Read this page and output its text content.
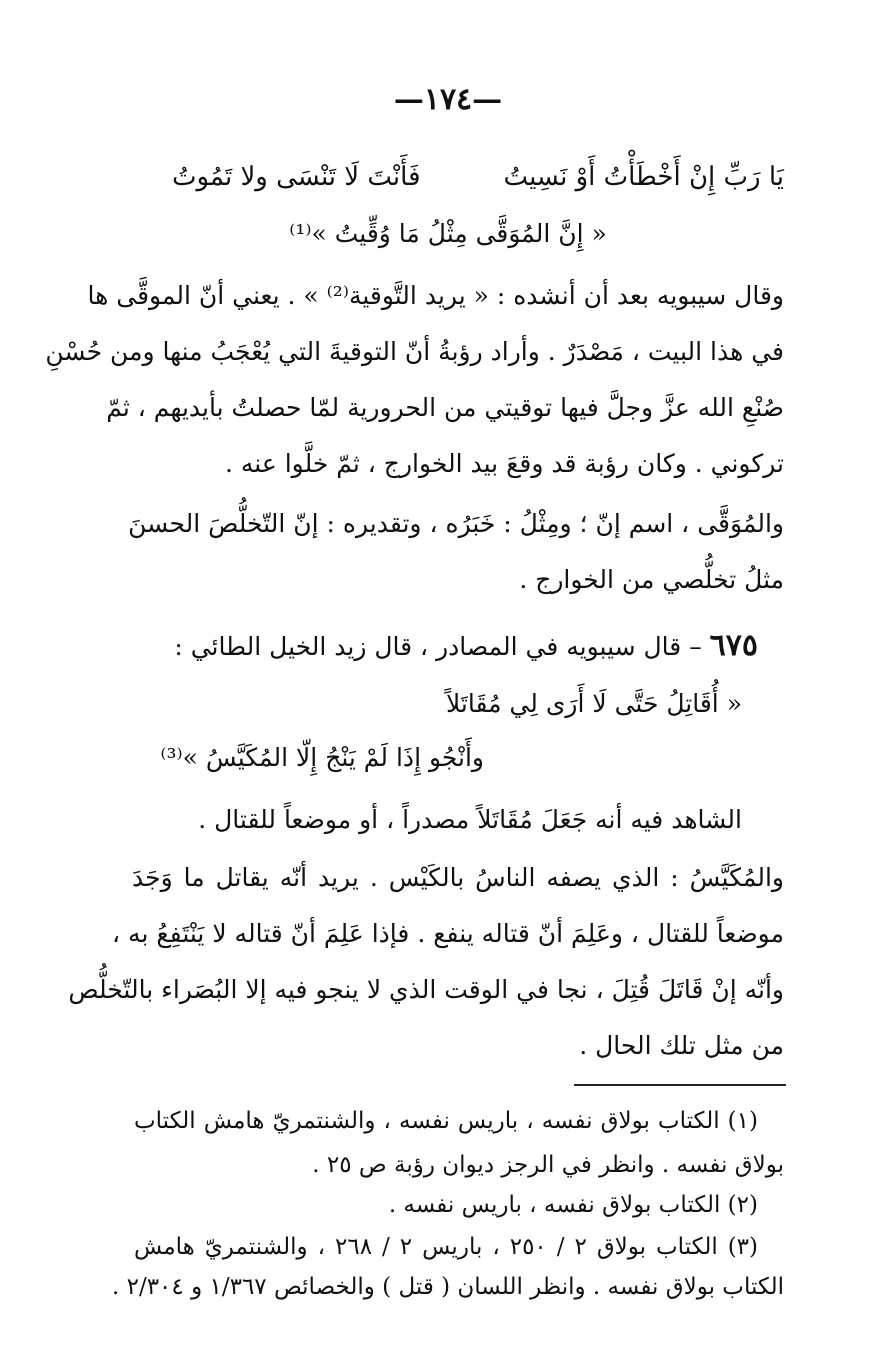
—١٧٤—
يَا رَبِّ إِنْ أَخْطَأْتُ أَوْ نَسِيتُ
فَأَنْتَ لَا تَنْسَى ولا تَمُوتُ
« إِنَّ المُوَقَّى مِثْلُ مَا وُقِّيتُ »⁽¹⁾
وقال سيبويه بعد أن أنشده : « يريد التَّوقية⁽²⁾ » . يعني أنّ الموقَّى ها
في هذا البيت ، مَصْدَرٌ . وأراد رؤبةُ أنّ التوقيةَ التي يُعْجَبُ منها ومن حُسْنِ
صُنْعِ الله عزَّ وجلَّ فيها توقيتي من الحرورية لمّا حصلتُ بأيديهم ، ثمّ
تركوني . وكان رؤبة قد وقعَ بيد الخوارج ، ثمّ خلَّوا عنه .
والمُوَقَّى ، اسم إنّ ؛ ومِثْلُ : خَبَرُه ، وتقديره : إنّ التّخلُّصَ الحسنَ
مثلُ تخلُّصي من الخوارج .
٦٧٥ – قال سيبويه في المصادر ، قال زيد الخيل الطائي :
« أُقَاتِلُ حَتَّى لَا أَرَى لِي مُقَاتَلاً
وأَنْجُو إِذَا لَمْ يَنْجُ إِلّا المُكَيَّسُ »⁽³⁾
الشاهد فيه أنه جَعَلَ مُقَاتَلاً مصدراً ، أو موضعاً للقتال .
والمُكَيَّسُ : الذي يصفه الناسُ بالكَيْس . يريد أنّه يقاتل ما وَجَدَ
موضعاً للقتال ، وعَلِمَ أنّ قتاله ينفع . فإذا عَلِمَ أنّ قتاله لا يَنْتَفِعُ به ،
وأنّه إنْ قَاتَلَ قُتِلَ ، نجا في الوقت الذي لا ينجو فيه إلا البُصَراء بالتّخلُّص
من مثل تلك الحال .
(١) الكتاب بولاق نفسه ، باريس نفسه ، والشنتمريّ هامش الكتاب
بولاق نفسه . وانظر في الرجز ديوان رؤبة ص ٢٥ .
(٢) الكتاب بولاق نفسه ، باريس نفسه .
(٣) الكتاب بولاق ٢ / ٢٥٠ ، باريس ٢ / ٢٦٨ ، والشنتمريّ هامش
الكتاب بولاق نفسه . وانظر اللسان ( قتل ) والخصائص ١/٣٦٧ و ٢/٣٠٤ .
